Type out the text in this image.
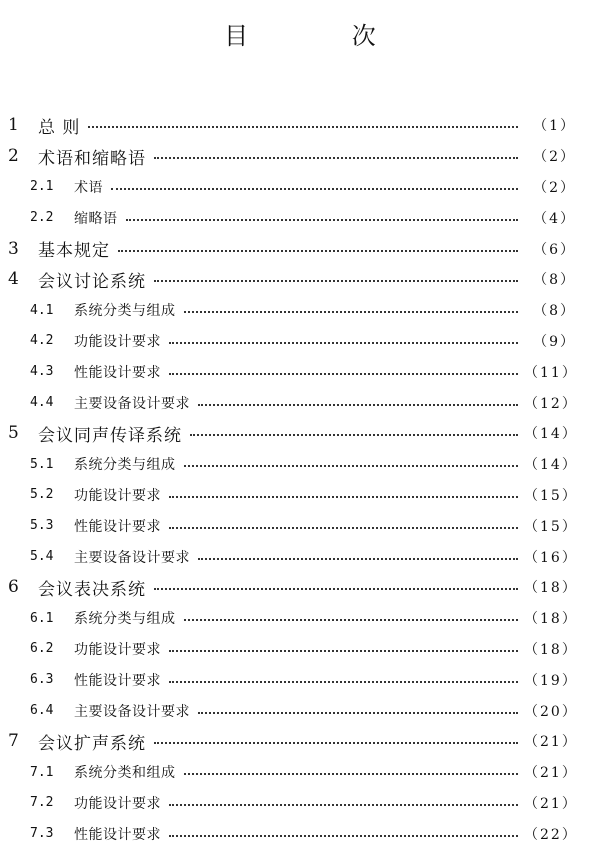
目 次
1	总 则	（1）
2	术语和缩略语	（2）
2.1	术语	（2）
2.2	缩略语	（4）
3	基本规定	（6）
4	会议讨论系统	（8）
4.1	系统分类与组成	（8）
4.2	功能设计要求	（9）
4.3	性能设计要求	（11）
4.4	主要设备设计要求	（12）
5	会议同声传译系统	（14）
5.1	系统分类与组成	（14）
5.2	功能设计要求	（15）
5.3	性能设计要求	（15）
5.4	主要设备设计要求	（16）
6	会议表决系统	（18）
6.1	系统分类与组成	（18）
6.2	功能设计要求	（18）
6.3	性能设计要求	（19）
6.4	主要设备设计要求	（20）
7	会议扩声系统	（21）
7.1	系统分类和组成	（21）
7.2	功能设计要求	（21）
7.3	性能设计要求	（22）
